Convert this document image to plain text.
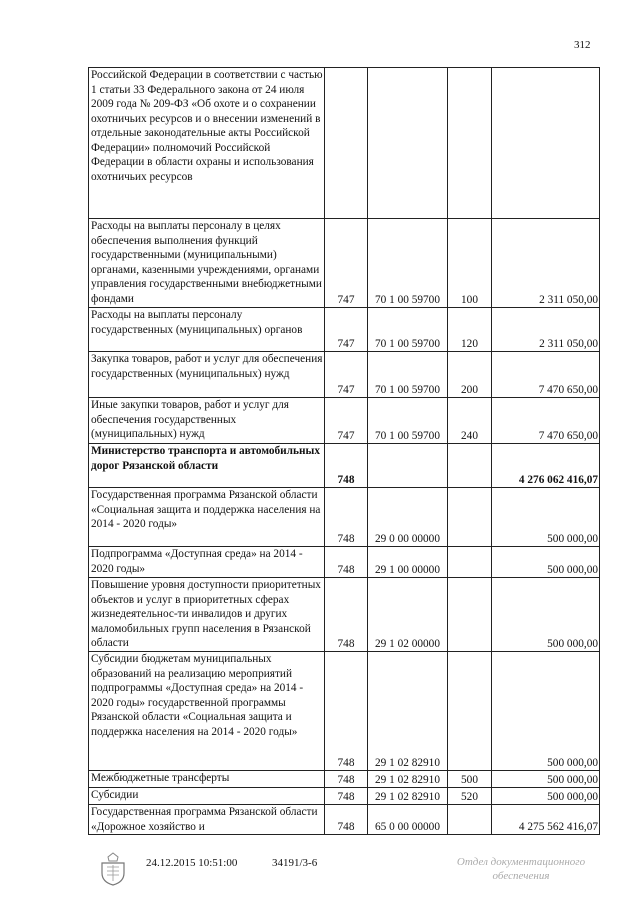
312
Российской Федерации в соответствии с частью 1 статьи 33 Федерального закона от 24 июля 2009 года № 209-ФЗ «Об охоте и о сохранении охотничьих ресурсов и о внесении изменений в отдельные законодательные акты Российской Федерации» полномочий Российской Федерации в области охраны и использования охотничьих ресурсов				
Расходы на выплаты персоналу в целях обеспечения выполнения функций государственными (муниципальными) органами, казенными учреждениями, органами управления государственными внебюджетными фондами	747	70 1 00 59700	100	2 311 050,00
Расходы на выплаты персоналу государственных (муниципальных) органов	747	70 1 00 59700	120	2 311 050,00
Закупка товаров, работ и услуг для обеспечения государственных (муниципальных) нужд	747	70 1 00 59700	200	7 470 650,00
Иные закупки товаров, работ и услуг для обеспечения государственных (муниципальных) нужд	747	70 1 00 59700	240	7 470 650,00
Министерство транспорта и автомобильных дорог Рязанской области	748			4 276 062 416,07
Государственная программа Рязанской области «Социальная защита и поддержка населения на 2014 - 2020 годы»	748	29 0 00 00000		500 000,00
Подпрограмма «Доступная среда» на 2014 - 2020 годы»	748	29 1 00 00000		500 000,00
Повышение уровня доступности приоритетных объектов и услуг в приоритетных сферах жизнедеятельнос-ти инвалидов и других маломобильных групп населения в Рязанской области	748	29 1 02 00000		500 000,00
Субсидии бюджетам муниципальных образований на реализацию мероприятий подпрограммы «Доступная среда» на 2014 - 2020 годы» государственной программы Рязанской области «Социальная защита и поддержка населения на 2014 - 2020 годы»	748	29 1 02 82910		500 000,00
Межбюджетные трансферты	748	29 1 02 82910	500	500 000,00
Субсидии	748	29 1 02 82910	520	500 000,00
Государственная программа Рязанской области «Дорожное хозяйство и	748	65 0 00 00000		4 275 562 416,07
24.12.2015 10:51:00	34191/3-6	Отдел документационного обеспечения
